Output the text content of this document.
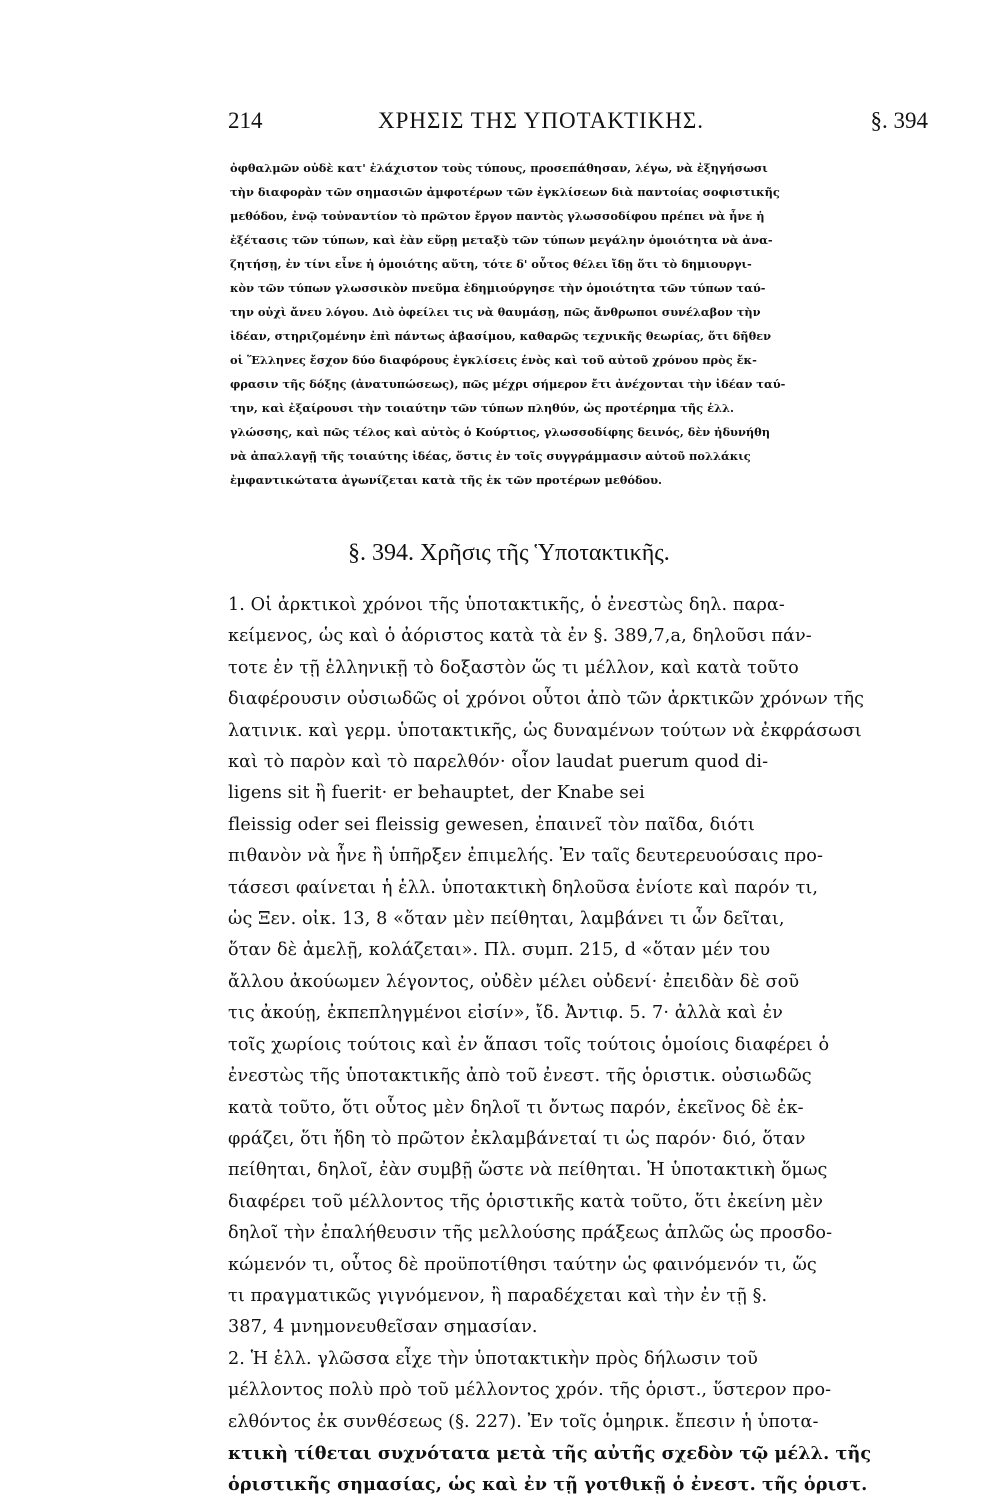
214	ΧΡΗΣΙΣ ΤΗΣ ΥΠΟΤΑΚΤΙΚΗΣ.	§. 394
ὀφθαλμῶν οὐδὲ κατ' ἐλάχιστον τοὺς τύπους, προσεπάθησαν, λέγω, νὰ ἐξηγήσωσι
τὴν διαφορὰν τῶν σημασιῶν ἀμφοτέρων τῶν ἐγκλίσεων διὰ παντοίας σοφιστικῆς
μεθόδου, ἐνῷ τοὐναντίον τὸ πρῶτον ἔργον παντὸς γλωσσοδίφου πρέπει νὰ ἦνε ἡ
ἐξέτασις τῶν τύπων, καὶ ἐὰν εὕρῃ μεταξὺ τῶν τύπων μεγάλην ὁμοιότητα νὰ ἀνα-
ζητήσῃ, ἐν τίνι εἶνε ἡ ὁμοιότης αὕτη, τότε δ' οὗτος θέλει ἴδῃ ὅτι τὸ δημιουργι-
κὸν τῶν τύπων γλωσσικὸν πνεῦμα ἐδημιούργησε τὴν ὁμοιότητα τῶν τύπων ταύ-
την οὐχὶ ἄνευ λόγου. Διὸ ὀφείλει τις νὰ θαυμάσῃ, πῶς ἄνθρωποι συνέλαβον τὴν
ἰδέαν, στηριζομένην ἐπὶ πάντως ἀβασίμου, καθαρῶς τεχνικῆς θεωρίας, ὅτι δῆθεν
οἱ Ἕλληνες ἔσχον δύο διαφόρους ἐγκλίσεις ἑνὸς καὶ τοῦ αὐτοῦ χρόνου πρὸς ἔκ-
φρασιν τῆς δόξης (ἀνατυπώσεως), πῶς μέχρι σήμερον ἔτι ἀνέχονται τὴν ἰδέαν ταύ-
την, καὶ ἐξαίρουσι τὴν τοιαύτην τῶν τύπων πληθύν, ὡς προτέρημα τῆς ἑλλ.
γλώσσης, καὶ πῶς τέλος καὶ αὐτὸς ὁ Κούρτιος, γλωσσοδίφης δεινός, δὲν ἠδυνήθη
νὰ ἀπαλλαγῇ τῆς τοιαύτης ἰδέας, ὅστις ἐν τοῖς συγγράμμασιν αὐτοῦ πολλάκις
ἐμφαντικώτατα ἀγωνίζεται κατὰ τῆς ἐκ τῶν προτέρων μεθόδου.
§. 394. Χρῆσις τῆς Ὑποτακτικῆς.
1. Οἱ ἀρκτικοὶ χρόνοι τῆς ὑποτακτικῆς, ὁ ἐνεστὼς δηλ. παρα-
κείμενος, ὡς καὶ ὁ ἀόριστος κατὰ τὰ ἐν §. 389,7,a, δηλοῦσι πάν-
τοτε ἐν τῇ ἑλληνικῇ τὸ δοξαστὸν ὥς τι μέλλον, καὶ κατὰ τοῦτο
διαφέρουσιν οὐσιωδῶς οἱ χρόνοι οὗτοι ἀπὸ τῶν ἀρκτικῶν χρόνων τῆς
λατινικ. καὶ γερμ. ὑποτακτικῆς, ὡς δυναμένων τούτων νὰ ἐκφράσωσι
καὶ τὸ παρὸν καὶ τὸ παρελθόν· οἷον laudat puerum quod di-
ligens sit ἢ fuerit· er behauptet, der Knabe sei
fleissig oder sei fleissig gewesen, ἐπαινεῖ τὸν παῖδα, διότι
πιθανὸν νὰ ἦνε ἢ ὑπῆρξεν ἐπιμελής. Ἐν ταῖς δευτερευούσαις προ-
τάσεσι φαίνεται ἡ ἑλλ. ὑποτακτικὴ δηλοῦσα ἐνίοτε καὶ παρόν τι,
ὡς Ξεν. οἰκ. 13, 8 «ὅταν μὲν πείθηται, λαμβάνει τι ὧν δεῖται,
ὅταν δὲ ἀμελῇ, κολάζεται». Πλ. συμπ. 215, d «ὅταν μέν του
ἄλλου ἀκούωμεν λέγοντος, οὐδὲν μέλει οὐδενί· ἐπειδὰν δὲ σοῦ
τις ἀκούῃ, ἐκπεπληγμένοι εἰσίν», ἴδ. Ἀντιφ. 5. 7· ἀλλὰ καὶ ἐν
τοῖς χωρίοις τούτοις καὶ ἐν ἅπασι τοῖς τούτοις ὁμοίοις διαφέρει ὁ
ἐνεστὼς τῆς ὑποτακτικῆς ἀπὸ τοῦ ἐνεστ. τῆς ὁριστικ. οὐσιωδῶς
κατὰ τοῦτο, ὅτι οὗτος μὲν δηλοῖ τι ὄντως παρόν, ἐκεῖνος δὲ ἐκ-
φράζει, ὅτι ἤδη τὸ πρῶτον ἐκλαμβάνεταί τι ὡς παρόν· διό, ὅταν
πείθηται, δηλοῖ, ἐὰν συμβῇ ὥστε νὰ πείθηται. Ἡ ὑποτακτικὴ ὅμως
διαφέρει τοῦ μέλλοντος τῆς ὁριστικῆς κατὰ τοῦτο, ὅτι ἐκείνη μὲν
δηλοῖ τὴν ἐπαλήθευσιν τῆς μελλούσης πράξεως ἁπλῶς ὡς προσδο-
κώμενόν τι, οὗτος δὲ προϋποτίθησι ταύτην ὡς φαινόμενόν τι, ὥς
τι πραγματικῶς γιγνόμενον, ἢ παραδέχεται καὶ τὴν ἐν τῇ §.
387, 4 μνημονευθεῖσαν σημασίαν.
2. Ἡ ἑλλ. γλῶσσα εἶχε τὴν ὑποτακτικὴν πρὸς δήλωσιν τοῦ
μέλλοντος πολὺ πρὸ τοῦ μέλλοντος χρόν. τῆς ὁριστ., ὕστερον προ-
ελθόντος ἐκ συνθέσεως (§. 227). Ἐν τοῖς ὁμηρικ. ἔπεσιν ἡ ὑποτα-
κτικὴ τίθεται συχνότατα μετὰ τῆς αὐτῆς σχεδὸν τῷ μέλλ. τῆς
ὁριστικῆς σημασίας, ὡς καὶ ἐν τῇ γοτθικῇ ὁ ἐνεστ. τῆς ὁριστ.
